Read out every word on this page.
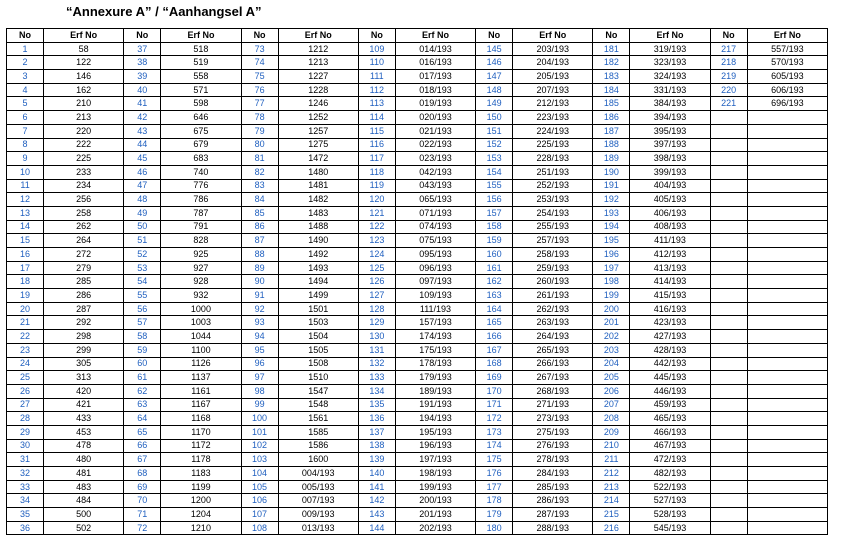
“Annexure A” / “Aanhangsel A”
No	Erf No	No	Erf No	No	Erf No	No	Erf No	No	Erf No	No	Erf No	No	Erf No
1	58	37	518	73	1212	109	014/193	145	203/193	181	319/193	217	557/193
2	122	38	519	74	1213	110	016/193	146	204/193	182	323/193	218	570/193
3	146	39	558	75	1227	111	017/193	147	205/193	183	324/193	219	605/193
4	162	40	571	76	1228	112	018/193	148	207/193	184	331/193	220	606/193
5	210	41	598	77	1246	113	019/193	149	212/193	185	384/193	221	696/193
6	213	42	646	78	1252	114	020/193	150	223/193	186	394/193		
7	220	43	675	79	1257	115	021/193	151	224/193	187	395/193		
8	222	44	679	80	1275	116	022/193	152	225/193	188	397/193		
9	225	45	683	81	1472	117	023/193	153	228/193	189	398/193		
10	233	46	740	82	1480	118	042/193	154	251/193	190	399/193		
11	234	47	776	83	1481	119	043/193	155	252/193	191	404/193		
12	256	48	786	84	1482	120	065/193	156	253/193	192	405/193		
13	258	49	787	85	1483	121	071/193	157	254/193	193	406/193		
14	262	50	791	86	1488	122	074/193	158	255/193	194	408/193		
15	264	51	828	87	1490	123	075/193	159	257/193	195	411/193		
16	272	52	925	88	1492	124	095/193	160	258/193	196	412/193		
17	279	53	927	89	1493	125	096/193	161	259/193	197	413/193		
18	285	54	928	90	1494	126	097/193	162	260/193	198	414/193		
19	286	55	932	91	1499	127	109/193	163	261/193	199	415/193		
20	287	56	1000	92	1501	128	111/193	164	262/193	200	416/193		
21	292	57	1003	93	1503	129	157/193	165	263/193	201	423/193		
22	298	58	1044	94	1504	130	174/193	166	264/193	202	427/193		
23	299	59	1100	95	1505	131	175/193	167	265/193	203	428/193		
24	305	60	1126	96	1508	132	178/193	168	266/193	204	442/193		
25	313	61	1137	97	1510	133	179/193	169	267/193	205	445/193		
26	420	62	1161	98	1547	134	189/193	170	268/193	206	446/193		
27	421	63	1167	99	1548	135	191/193	171	271/193	207	459/193		
28	433	64	1168	100	1561	136	194/193	172	273/193	208	465/193		
29	453	65	1170	101	1585	137	195/193	173	275/193	209	466/193		
30	478	66	1172	102	1586	138	196/193	174	276/193	210	467/193		
31	480	67	1178	103	1600	139	197/193	175	278/193	211	472/193		
32	481	68	1183	104	004/193	140	198/193	176	284/193	212	482/193		
33	483	69	1199	105	005/193	141	199/193	177	285/193	213	522/193		
34	484	70	1200	106	007/193	142	200/193	178	286/193	214	527/193		
35	500	71	1204	107	009/193	143	201/193	179	287/193	215	528/193		
36	502	72	1210	108	013/193	144	202/193	180	288/193	216	545/193		
